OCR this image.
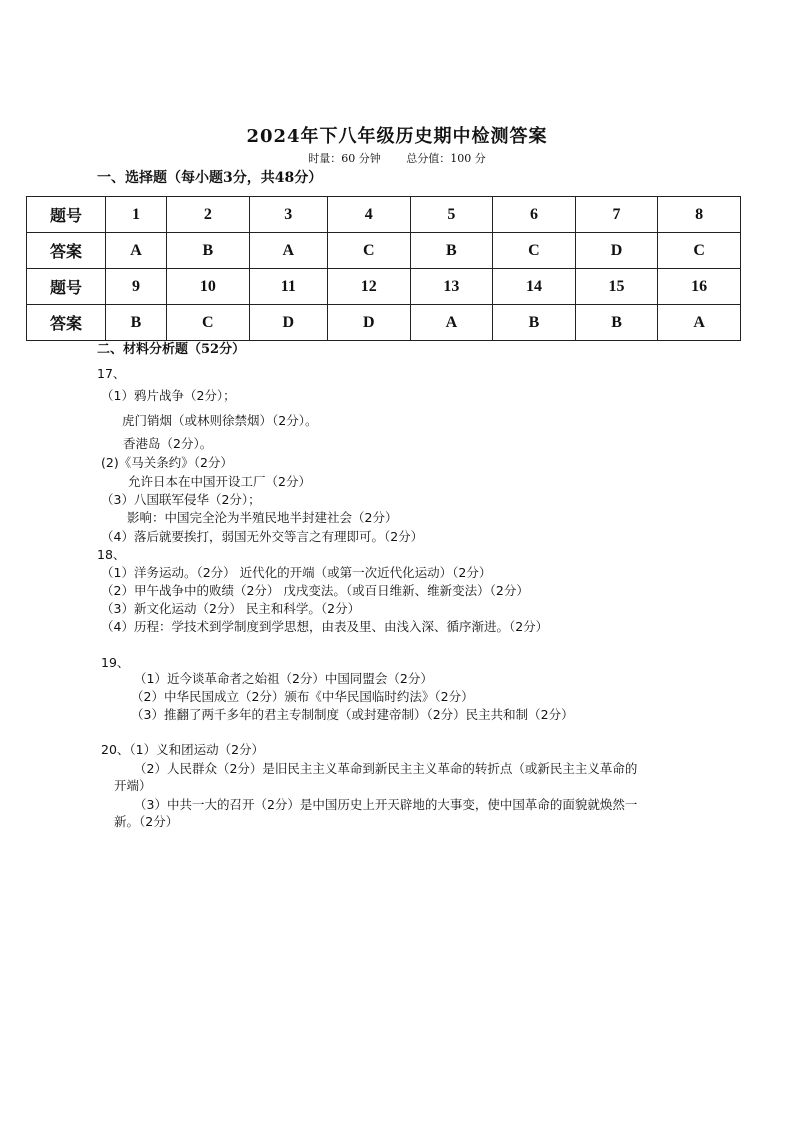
2024年下八年级历史期中检测答案
时量：60 分钟 总分值：100 分
一、选择题（每小题3分，共48分）
题号	1	2	3	4	5	6	7	8
答案	A	B	A	C	B	C	D	C
题号	9	10	11	12	13	14	15	16
答案	B	C	D	D	A	B	B	A
二、材料分析题（52分）
17、
（1）鸦片战争（2分）；
虎门销烟（或林则徐禁烟）（2分）。
香港岛（2分）。
(2)《马关条约》（2分）
允许日本在中国开设工厂（2分）
（3）八国联军侵华（2分）；
影响：中国完全沦为半殖民地半封建社会（2分）
（4）落后就要挨打，弱国无外交等言之有理即可。（2分）
18、
（1）洋务运动。（2分） 近代化的开端（或第一次近代化运动）（2分）
（2）甲午战争中的败绩（2分） 戊戌变法。（或百日维新、维新变法）（2分）
（3）新文化运动（2分） 民主和科学。（2分）
（4）历程：学技术到学制度到学思想，由表及里、由浅入深、循序渐进。（2分）
19、
（1）近今谈革命者之始祖（2分）中国同盟会（2分）
（2）中华民国成立（2分）颁布《中华民国临时约法》（2分）
（3）推翻了两千多年的君主专制制度（或封建帝制）（2分）民主共和制（2分）
20、（1）义和团运动（2分）
（2）人民群众（2分）是旧民主主义革命到新民主主义革命的转折点（或新民主主义革命的
开端）
（3）中共一大的召开（2分）是中国历史上开天辟地的大事变，使中国革命的面貌就焕然一
新。（2分）
